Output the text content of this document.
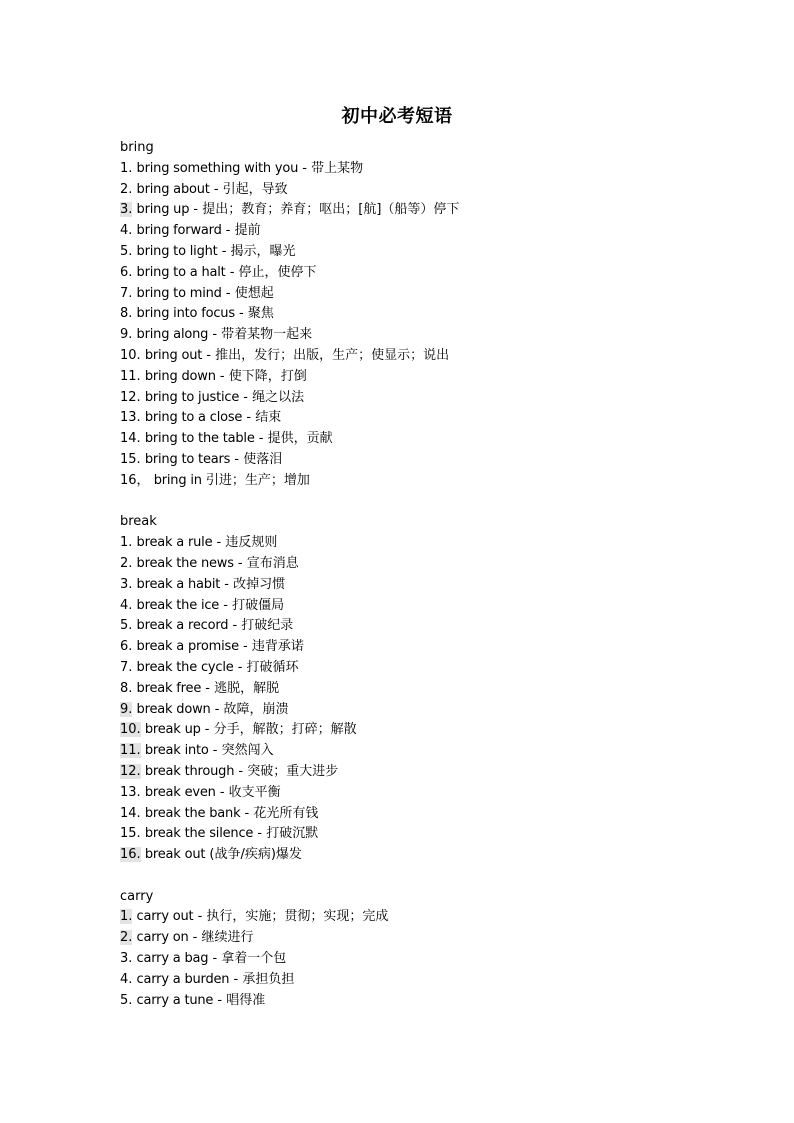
初中必考短语
bring
1. bring something with you - 带上某物
2. bring about - 引起，导致
3. bring up - 提出；教育；养育；呕出；[航]（船等）停下
4. bring forward - 提前
5. bring to light - 揭示，曝光
6. bring to a halt - 停止，使停下
7. bring to mind - 使想起
8. bring into focus - 聚焦
9. bring along - 带着某物一起来
10. bring out - 推出，发行；出版，生产；使显示；说出
11. bring down - 使下降，打倒
12. bring to justice - 绳之以法
13. bring to a close - 结束
14. bring to the table - 提供，贡献
15. bring to tears - 使落泪
16， bring in 引进；生产；增加
break
1. break a rule - 违反规则
2. break the news - 宣布消息
3. break a habit - 改掉习惯
4. break the ice - 打破僵局
5. break a record - 打破纪录
6. break a promise - 违背承诺
7. break the cycle - 打破循环
8. break free - 逃脱，解脱
9. break down - 故障，崩溃
10. break up - 分手，解散；打碎；解散
11. break into - 突然闯入
12. break through - 突破；重大进步
13. break even - 收支平衡
14. break the bank - 花光所有钱
15. break the silence - 打破沉默
16. break out (战争/疾病)爆发
carry
1. carry out - 执行，实施；贯彻；实现；完成
2. carry on - 继续进行
3. carry a bag - 拿着一个包
4. carry a burden - 承担负担
5. carry a tune - 唱得准
